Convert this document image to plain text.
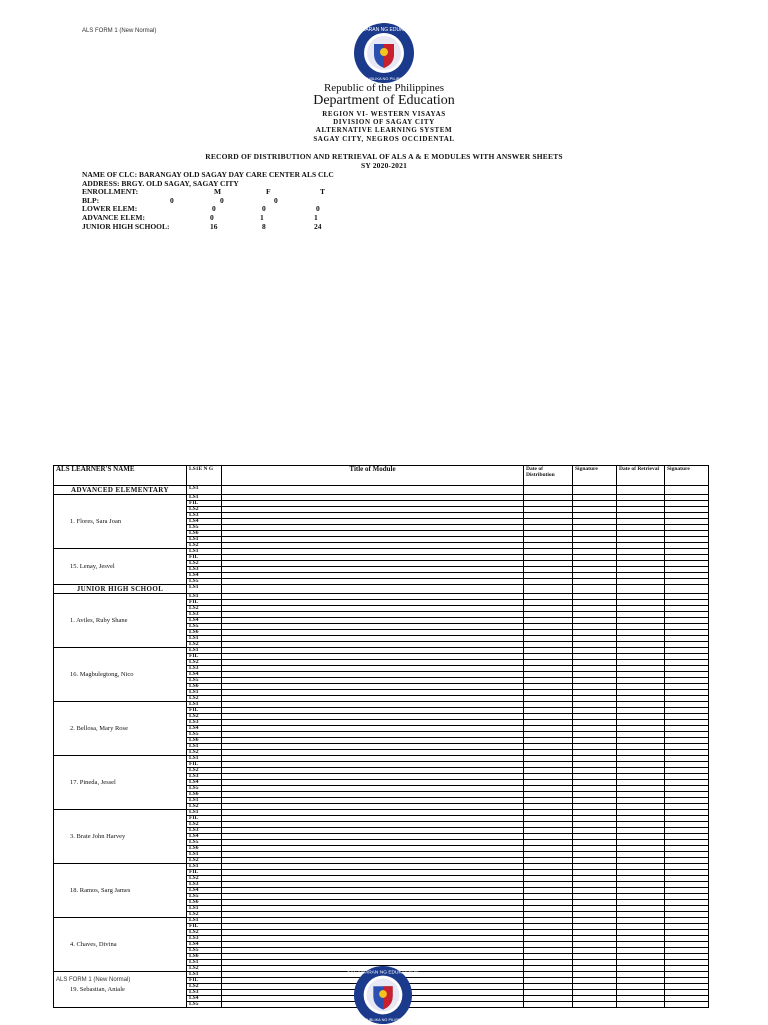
ALS FORM 1 (New Normal)	KAGAWARAN NG EDUKASYON
REPUBLIKA NG PILIPINAS
Republic of the Philippines
Department of Education
REGION VI- WESTERN VISAYAS
DIVISION OF SAGAY CITY
ALTERNATIVE LEARNING SYSTEM
SAGAY CITY, NEGROS OCCIDENTAL
RECORD OF DISTRIBUTION AND RETRIEVAL OF ALS A & E MODULES WITH ANSWER SHEETS
SY 2020-2021
NAME OF CLC: BARANGAY OLD SAGAY DAY CARE CENTER ALS CLC
ADDRESS: BRGY. OLD SAGAY, SAGAY CITY
ENROLLMENT:	M	F	T
BLP:	0	0	0
LOWER ELEM:	0	0	0
ADVANCE ELEM:	0	1	1
JUNIOR HIGH SCHOOL:	16	8	24
ALS LEARNER'S NAME	LS1E N G	Title of Module	Date of Distribution	Signature	Date of Retrieval	Signature
ADVANCED ELEMENTARY	LS1					
1. Flores, Sara Joan	LS1					
	FIL					
	LS2					
	LS3					
	LS4					
	LS5					
	LS6					
	LS1					
	LS2					
15. Lenay, Jesvel	LS1					
	FIL					
	LS2					
	LS3					
	LS4					
	LS5					
JUNIOR HIGH SCHOOL	LS1					
1. Aviles, Ruby Shane	LS1					
	FIL					
	LS2					
	LS3					
	LS4					
	LS5					
	LS6					
	LS1					
	LS2					
16. Magbulegtong, Nico	LS1					
	FIL					
	LS2					
	LS3					
	LS4					
	LS5					
	LS6					
	LS1					
	LS2					
2. Bellosa, Mary Rose	LS1					
	FIL					
	LS2					
	LS3					
	LS4					
	LS5					
	LS6					
	LS1					
	LS2					
17. Pineda, Jessel	LS1					
	FIL					
	LS2					
	LS3					
	LS4					
	LS5					
	LS6					
	LS1					
	LS2					
3. Brate John Harvey	LS1					
	FIL					
	LS2					
	LS3					
	LS4					
	LS5					
	LS6					
	LS1					
	LS2					
18. Ramos, Sarg James	LS1					
	FIL					
	LS2					
	LS3					
	LS4					
	LS5					
	LS6					
	LS1					
	LS2					
4. Chaves, Divina	LS1					
	FIL					
	LS2					
	LS3					
	LS4					
	LS5					
	LS6					
	LS1					
	LS2					
19. Sebastian, Aniale	LS1					
	FIL					
	LS2					
	LS3					
	LS4					
	LS5					
ALS FORM 1 (New Normal)
KAGAWARAN NG EDUKASYON
REPUBLIKA NG PILIPINAS
